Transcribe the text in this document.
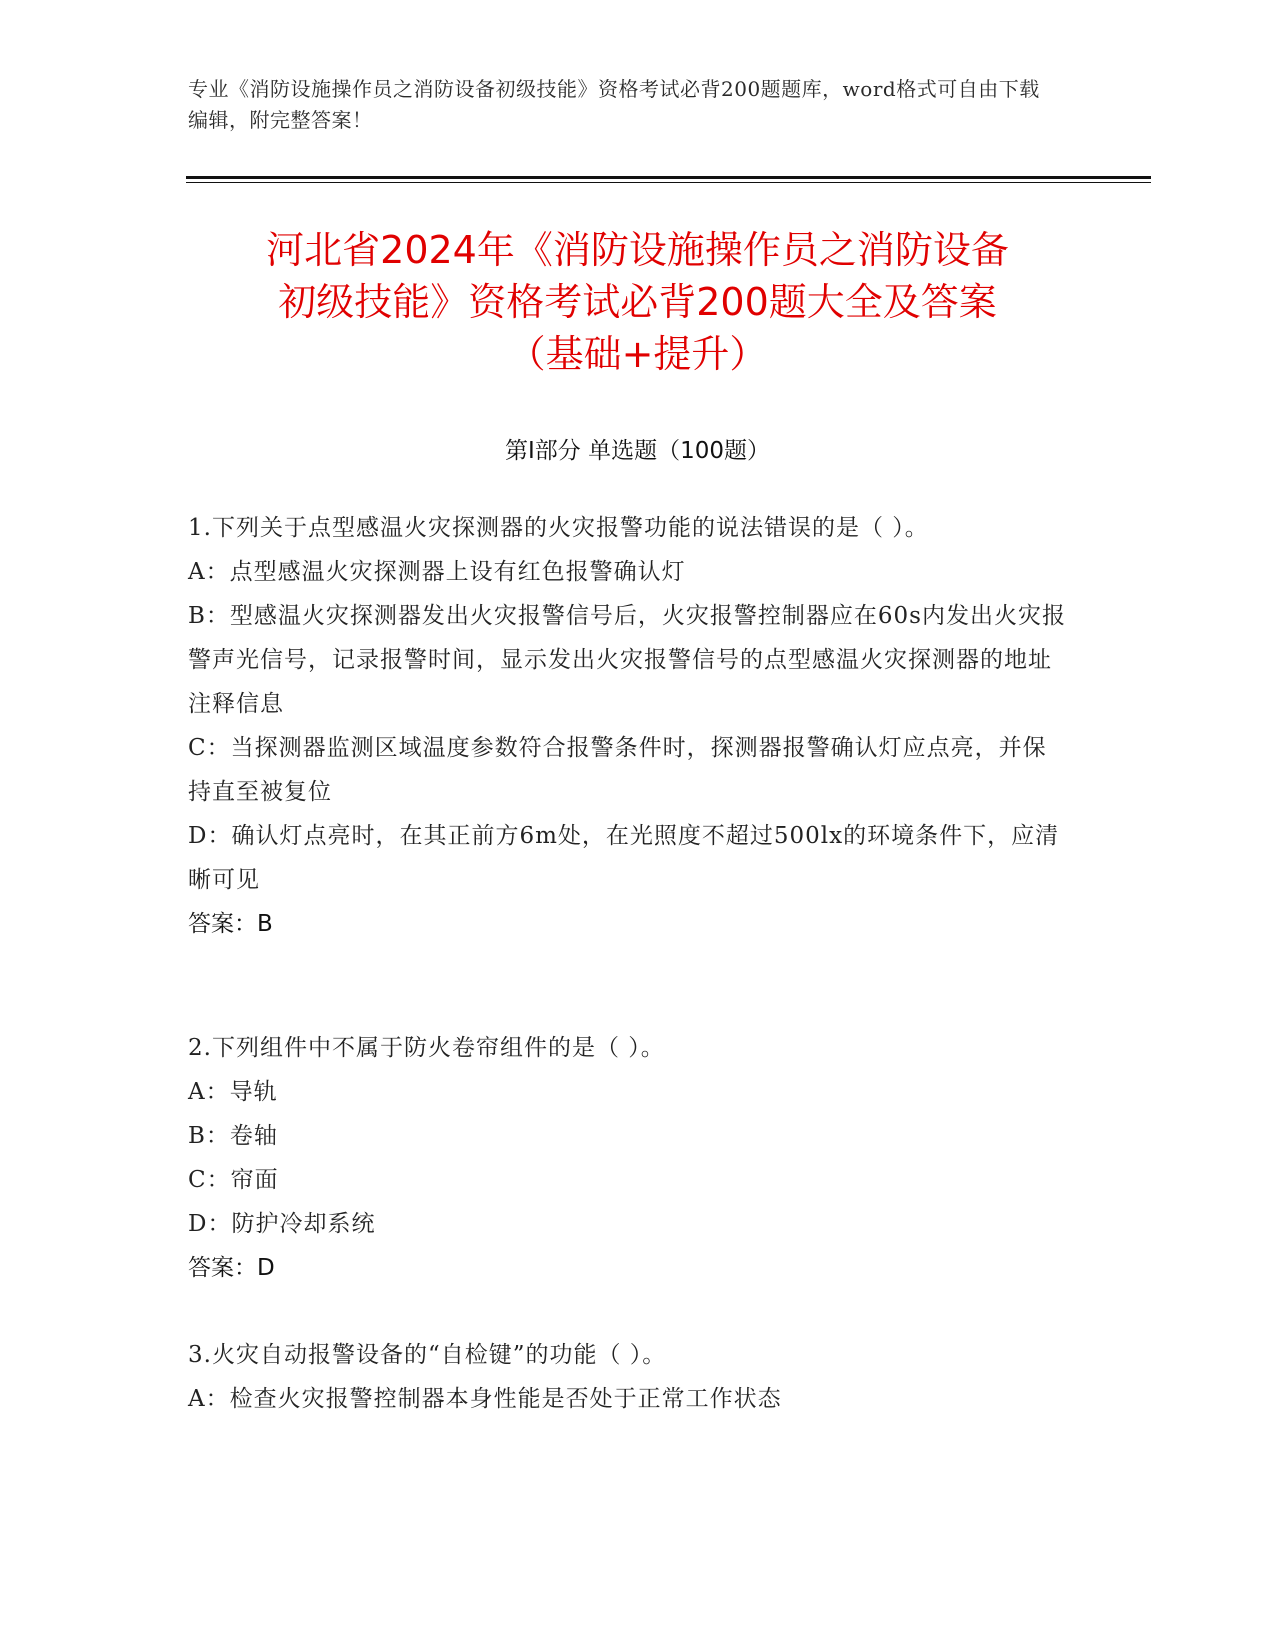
专业《消防设施操作员之消防设备初级技能》资格考试必背200题题库，word格式可自由下载编辑，附完整答案！
河北省2024年《消防设施操作员之消防设备
初级技能》资格考试必背200题大全及答案
（基础+提升）
第I部分 单选题（100题）

1.下列关于点型感温火灾探测器的火灾报警功能的说法错误的是（ ）。

A：点型感温火灾探测器上设有红色报警确认灯

B：型感温火灾探测器发出火灾报警信号后，火灾报警控制器应在60s内发出火灾报警声光信号，记录报警时间，显示发出火灾报警信号的点型感温火灾探测器的地址注释信息

C：当探测器监测区域温度参数符合报警条件时，探测器报警确认灯应点亮，并保持直至被复位

D：确认灯点亮时，在其正前方6m处，在光照度不超过500lx的环境条件下，应清晰可见

答案：B

2.下列组件中不属于防火卷帘组件的是（ ）。

A：导轨

B：卷轴

C：帘面

D：防护冷却系统

答案：D

3.火灾自动报警设备的“自检键”的功能（ ）。

A：检查火灾报警控制器本身性能是否处于正常工作状态
